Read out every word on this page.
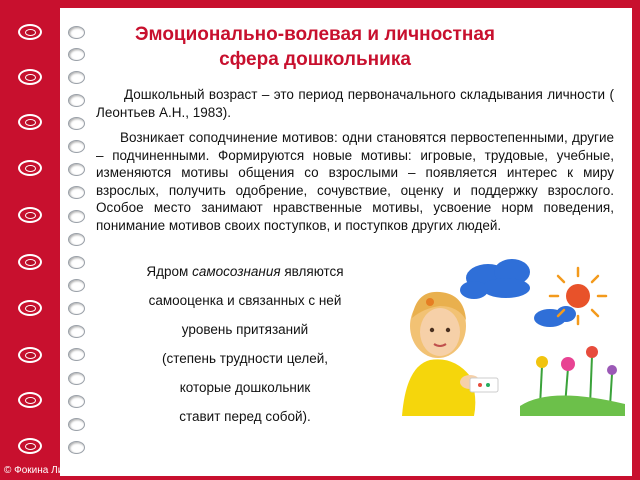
Эмоционально-волевая и личностная
сфера дошкольника
Дошкольный возраст – это период первоначального складывания личности ( Леонтьев А.Н., 1983).
Возникает соподчинение мотивов: одни становятся первостепенными, другие – подчиненными. Формируются новые мотивы: игровые, трудовые, учебные, изменяются мотивы общения со взрослыми – появляется интерес к миру взрослых, получить одобрение, сочувствие, оценку и поддержку взрослого. Особое место занимают нравственные мотивы, усвоение норм поведения, понимание мотивов своих поступков, и поступков других людей.
Ядром самосознания являются
самооценка и связанных с ней
уровень притязаний
(степень трудности целей,
которые дошкольник
ставит перед собой).
© Фокина Лидия Петровна
